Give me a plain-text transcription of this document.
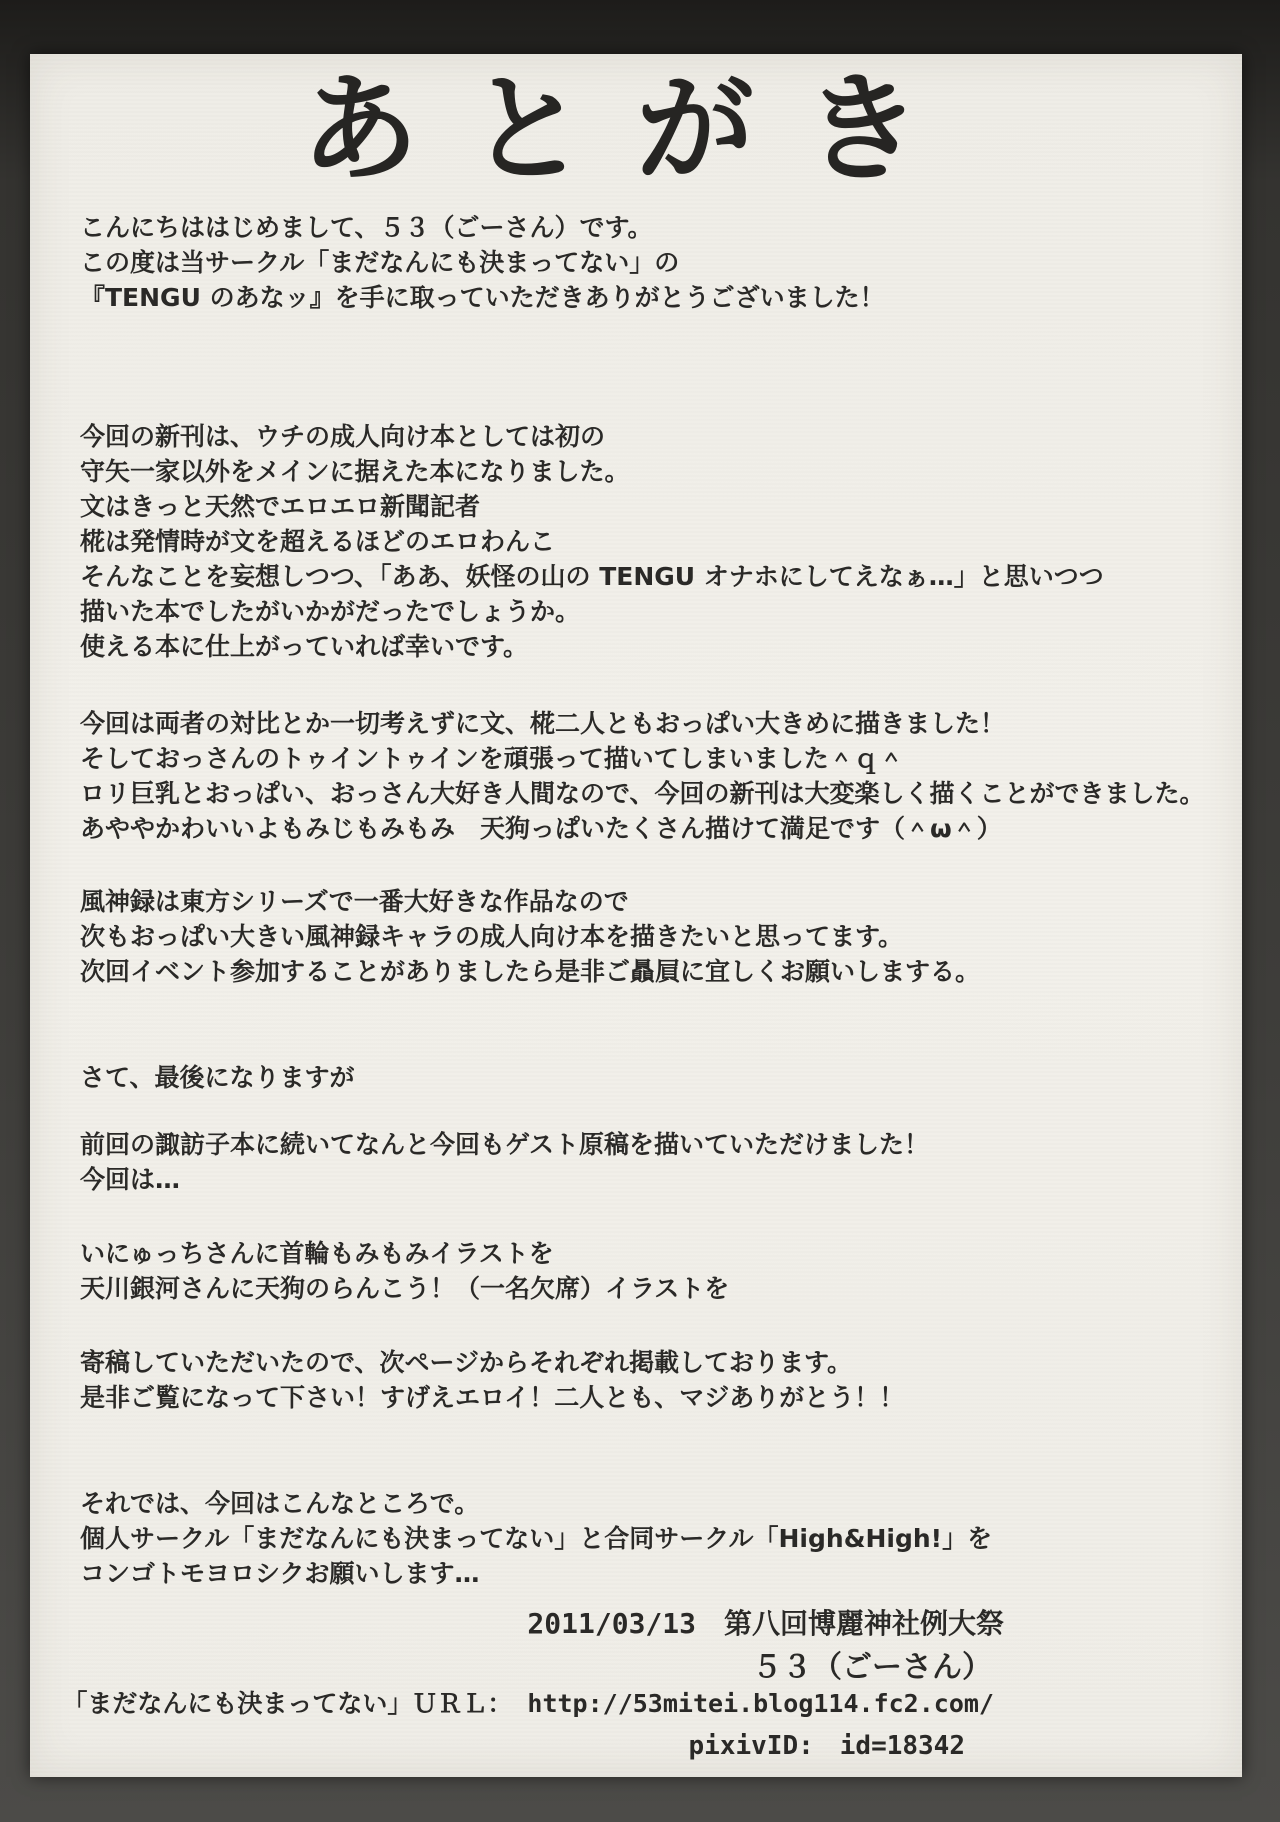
あとがき
こんにちははじめまして、５３（ごーさん）です。
この度は当サークル「まだなんにも決まってない」の
『TENGU のあなッ』を手に取っていただきありがとうございました！
今回の新刊は、ウチの成人向け本としては初の
守矢一家以外をメインに据えた本になりました。
文はきっと天然でエロエロ新聞記者
椛は発情時が文を超えるほどのエロわんこ
そんなことを妄想しつつ、「ああ、妖怪の山の TENGU オナホにしてえなぁ…」と思いつつ
描いた本でしたがいかがだったでしょうか。
使える本に仕上がっていれば幸いです。
今回は両者の対比とか一切考えずに文、椛二人ともおっぱい大きめに描きました！
そしておっさんのトゥイントゥインを頑張って描いてしまいました＾ｑ＾
ロリ巨乳とおっぱい、おっさん大好き人間なので、今回の新刊は大変楽しく描くことができました。
あややかわいいよもみじもみもみ　天狗っぱいたくさん描けて満足です（＾ω＾）
風神録は東方シリーズで一番大好きな作品なので
次もおっぱい大きい風神録キャラの成人向け本を描きたいと思ってます。
次回イベント参加することがありましたら是非ご贔屓に宜しくお願いしまする。
さて、最後になりますが
前回の諏訪子本に続いてなんと今回もゲスト原稿を描いていただけました！
今回は…
いにゅっちさんに首輪もみもみイラストを
天川銀河さんに天狗のらんこう！（一名欠席）イラストを
寄稿していただいたので、次ページからそれぞれ掲載しております。
是非ご覧になって下さい！すげえエロイ！二人とも、マジありがとう！！
それでは、今回はこんなところで。
個人サークル「まだなんにも決まってない」と合同サークル「High&High!」を
コンゴトモヨロシクお願いします…
2011/03/13　第八回博麗神社例大祭
５３（ごーさん）
「まだなんにも決まってない」ＵＲＬ： http://53mitei.blog114.fc2.com/
pixivID:　id=18342
